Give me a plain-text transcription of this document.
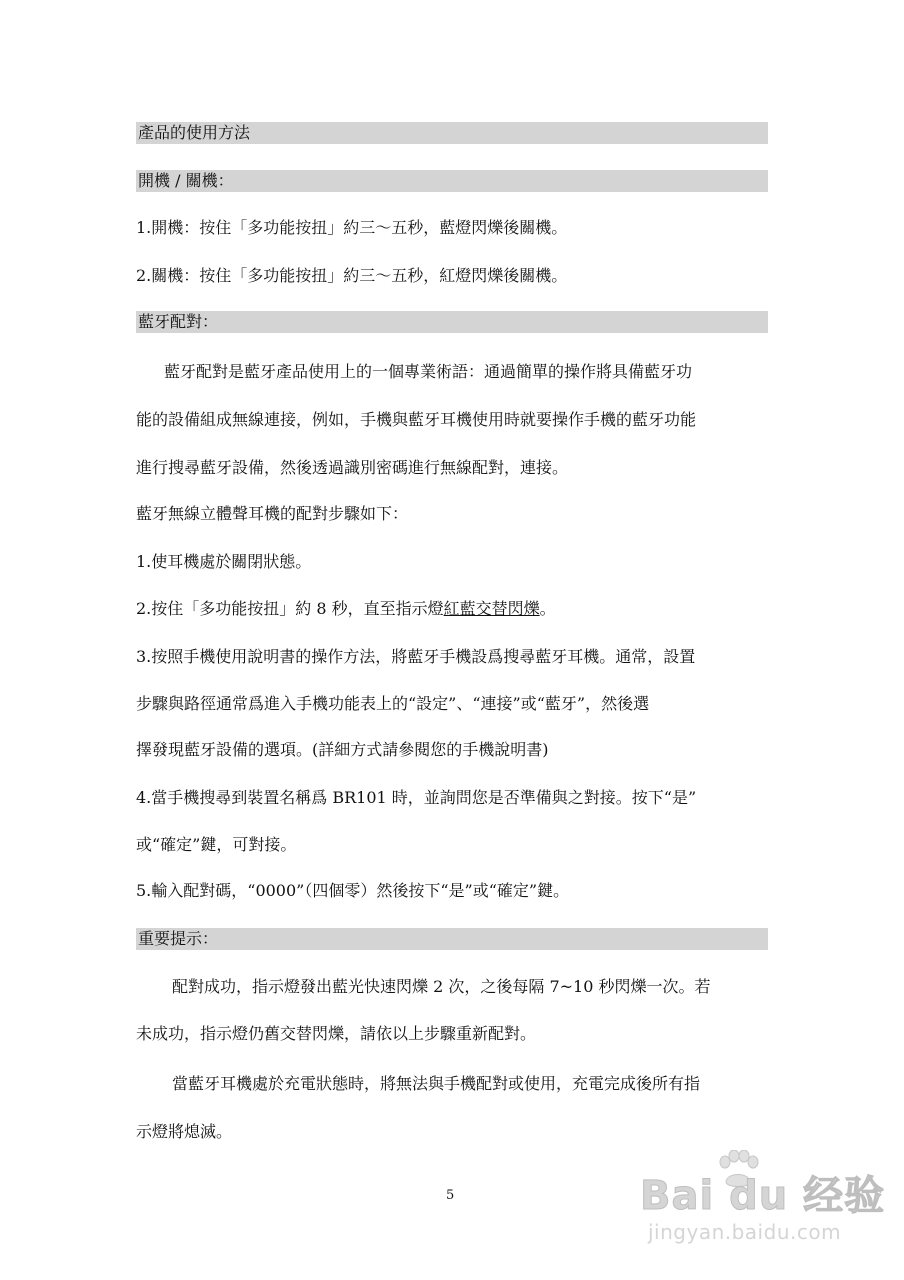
產品的使用方法
開機 / 關機：
1.開機：按住「多功能按扭」約三～五秒，藍燈閃爍後關機。
2.關機：按住「多功能按扭」約三～五秒，紅燈閃爍後關機。
藍牙配對：
藍牙配對是藍牙產品使用上的一個專業術語：通過簡單的操作將具備藍牙功
能的設備組成無線連接，例如，手機與藍牙耳機使用時就要操作手機的藍牙功能
進行搜尋藍牙設備，然後透過識別密碼進行無線配對，連接。
藍牙無線立體聲耳機的配對步驟如下：
1.使耳機處於關閉狀態。
2.按住「多功能按扭」約 8 秒，直至指示燈紅藍交替閃爍。
3.按照手機使用說明書的操作方法，將藍牙手機設爲搜尋藍牙耳機。通常，設置
步驟與路徑通常爲進入手機功能表上的“設定”、“連接”或“藍牙”，然後選
擇發現藍牙設備的選項。(詳細方式請參閱您的手機說明書)
4.當手機搜尋到裝置名稱爲 BR101 時，並詢問您是否準備與之對接。按下“是”
或“確定”鍵，可對接。
5.輸入配對碼，“0000”（四個零）然後按下“是”或“確定”鍵。
重要提示：
配對成功，指示燈發出藍光快速閃爍 2 次，之後每隔 7~10 秒閃爍一次。若
未成功，指示燈仍舊交替閃爍，請依以上步驟重新配對。
當藍牙耳機處於充電狀態時，將無法與手機配對或使用，充電完成後所有指
示燈將熄滅。
5	Bai du 经验
jingyan.baidu.com
